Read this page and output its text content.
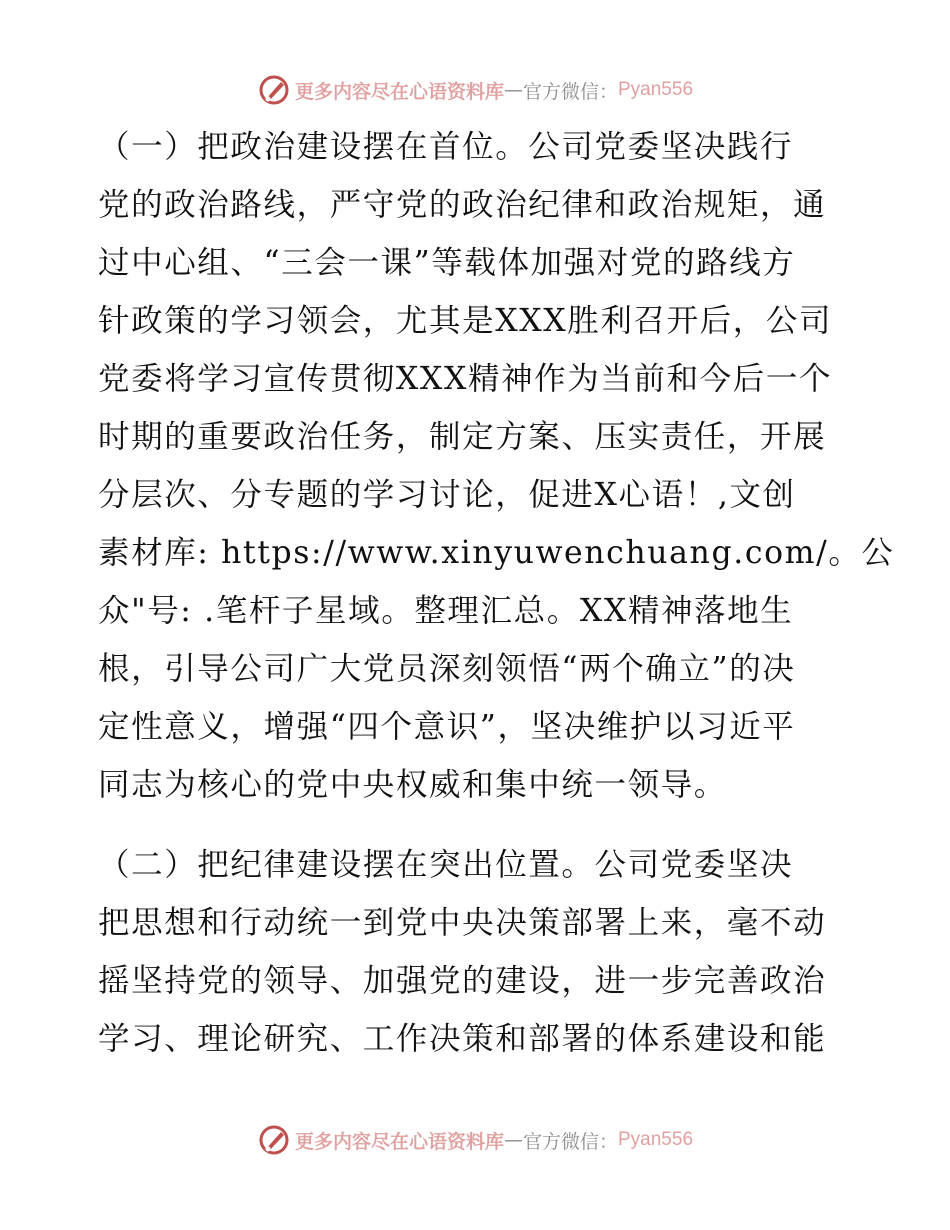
更多内容尽在心语资料库 — 官方微信： Pyan556
（一）把政治建设摆在首位。公司党委坚决践行
党的政治路线，严守党的政治纪律和政治规矩，通
过中心组、“三会一课”等载体加强对党的路线方
针政策的学习领会，尤其是XXX胜利召开后，公司
党委将学习宣传贯彻XXX精神作为当前和今后一个
时期的重要政治任务，制定方案、压实责任，开展
分层次、分专题的学习讨论，促进X心语！,文创
素材库: https://www.xinyuwenchuang.com/。公
众"号: .笔杆子星域。整理汇总。XX精神落地生
根，引导公司广大党员深刻领悟“两个确立”的决
定性意义，增强“四个意识”，坚决维护以习近平
同志为核心的党中央权威和集中统一领导。
（二）把纪律建设摆在突出位置。公司党委坚决
把思想和行动统一到党中央决策部署上来，毫不动
摇坚持党的领导、加强党的建设，进一步完善政治
学习、理论研究、工作决策和部署的体系建设和能
更多内容尽在心语资料库 — 官方微信： Pyan556
